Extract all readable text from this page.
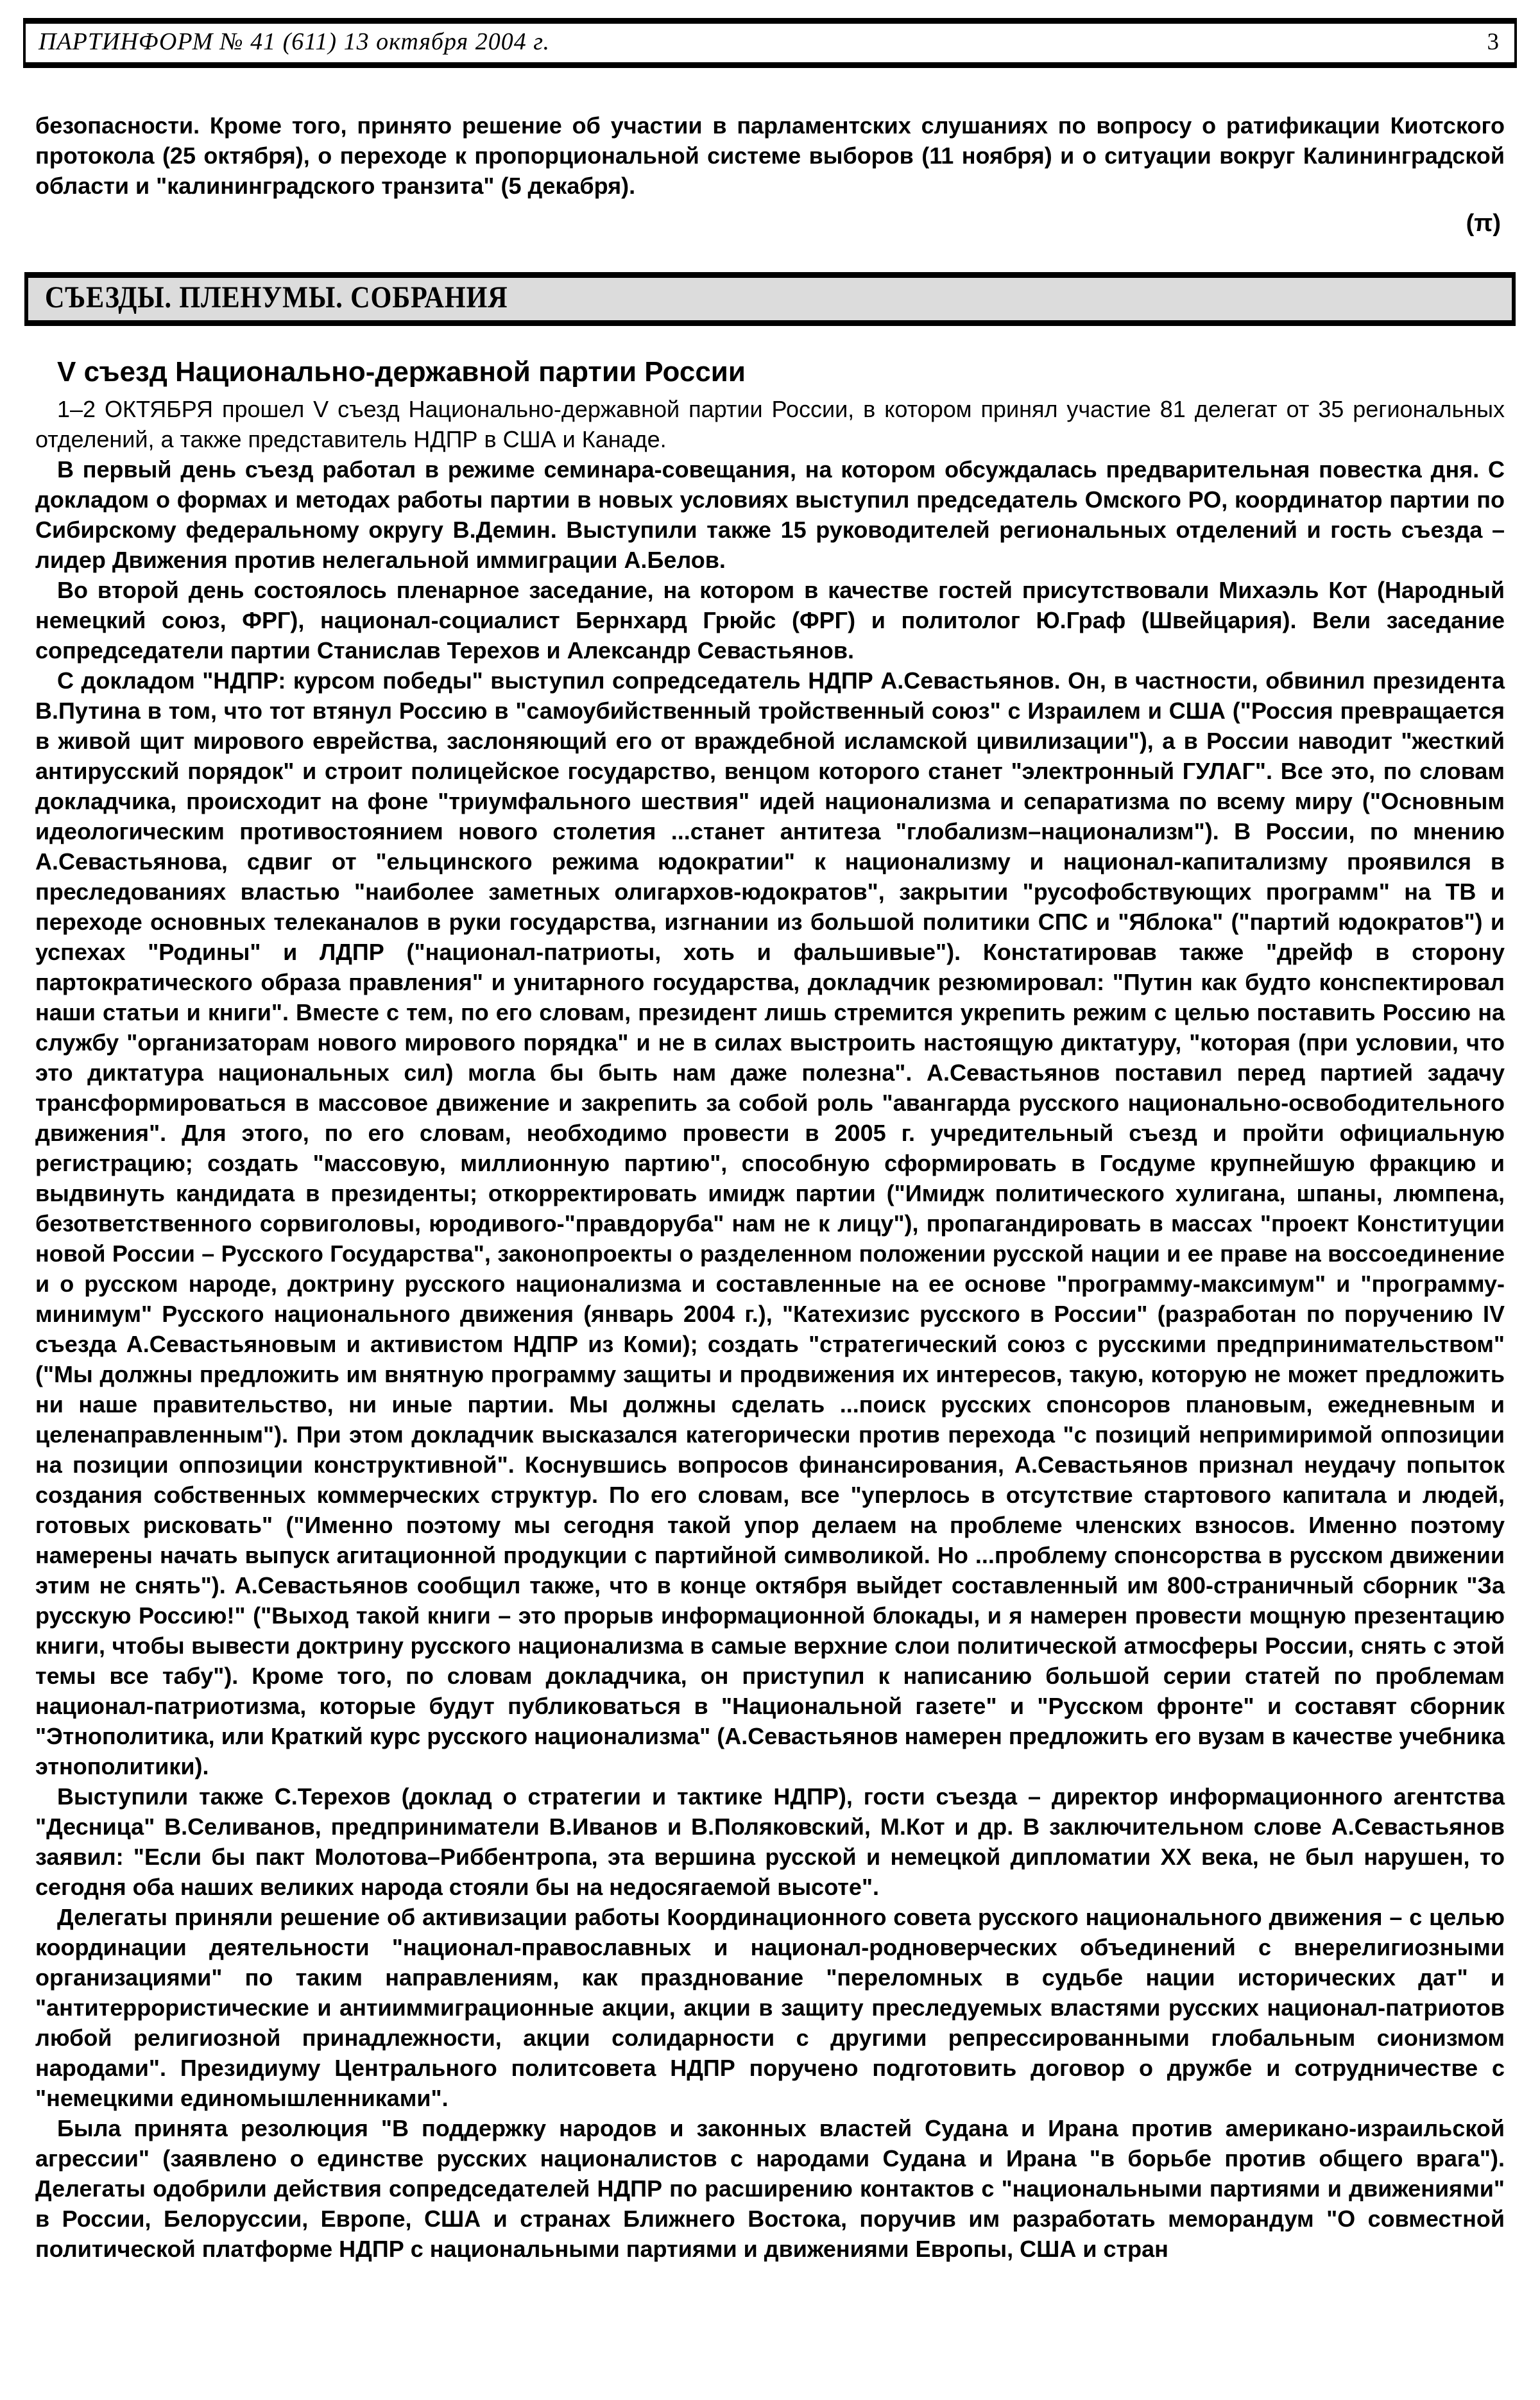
ПАРТИНФОРМ № 41 (611) 13 октября 2004 г.	3

безопасности. Кроме того, принято решение об участии в парламентских слушаниях по вопросу о ратификации Киотского протокола (25 октября), о переходе к пропорциональной системе выборов (11 ноября) и о ситуации вокруг Калининградской области и "калининградского транзита" (5 декабря).

(π)
СЪЕЗДЫ. ПЛЕНУМЫ. СОБРАНИЯ
V съезд Национально-державной партии России

1–2 ОКТЯБРЯ прошел V съезд Национально-державной партии России, в котором принял участие 81 делегат от 35 региональных отделений, а также представитель НДПР в США и Канаде.

В первый день съезд работал в режиме семинара-совещания, на котором обсуждалась предварительная повестка дня. С докладом о формах и методах работы партии в новых условиях выступил председатель Омского РО, координатор партии по Сибирскому федеральному округу В.Демин. Выступили также 15 руководителей региональных отделений и гость съезда – лидер Движения против нелегальной иммиграции А.Белов.

Во второй день состоялось пленарное заседание, на котором в качестве гостей присутствовали Михаэль Кот (Народный немецкий союз, ФРГ), национал-социалист Бернхард Грюйс (ФРГ) и политолог Ю.Граф (Швейцария). Вели заседание сопредседатели партии Станислав Терехов и Александр Севастьянов.

С докладом "НДПР: курсом победы" выступил сопредседатель НДПР А.Севастьянов. Он, в частности, обвинил президента В.Путина в том, что тот втянул Россию в "самоубийственный тройственный союз" с Израилем и США ("Россия превращается в живой щит мирового еврейства, заслоняющий его от враждебной исламской цивилизации"), а в России наводит "жесткий антирусский порядок" и строит полицейское государство, венцом которого станет "электронный ГУЛАГ". Все это, по словам докладчика, происходит на фоне "триумфального шествия" идей национализма и сепаратизма по всему миру ("Основным идеологическим противостоянием нового столетия ...станет антитеза "глобализм–национализм"). В России, по мнению А.Севастьянова, сдвиг от "ельцинского режима юдократии" к национализму и национал-капитализму проявился в преследованиях властью "наиболее заметных олигархов-юдократов", закрытии "русофобствующих программ" на ТВ и переходе основных телеканалов в руки государства, изгнании из большой политики СПС и "Яблока" ("партий юдократов") и успехах "Родины" и ЛДПР ("национал-патриоты, хоть и фальшивые"). Констатировав также "дрейф в сторону партократического образа правления" и унитарного государства, докладчик резюмировал: "Путин как будто конспектировал наши статьи и книги". Вместе с тем, по его словам, президент лишь стремится укрепить режим с целью поставить Россию на службу "организаторам нового мирового порядка" и не в силах выстроить настоящую диктатуру, "которая (при условии, что это диктатура национальных сил) могла бы быть нам даже полезна". А.Севастьянов поставил перед партией задачу трансформироваться в массовое движение и закрепить за собой роль "авангарда русского национально-освободительного движения". Для этого, по его словам, необходимо провести в 2005 г. учредительный съезд и пройти официальную регистрацию; создать "массовую, миллионную партию", способную сформировать в Госдуме крупнейшую фракцию и выдвинуть кандидата в президенты; откорректировать имидж партии ("Имидж политического хулигана, шпаны, люмпена, безответственного сорвиголовы, юродивого-"правдоруба" нам не к лицу"), пропагандировать в массах "проект Конституции новой России – Русского Государства", законопроекты о разделенном положении русской нации и ее праве на воссоединение и о русском народе, доктрину русского национализма и составленные на ее основе "программу-максимум" и "программу-минимум" Русского национального движения (январь 2004 г.), "Катехизис русского в России" (разработан по поручению IV съезда А.Севастьяновым и активистом НДПР из Коми); создать "стратегический союз с русскими предпринимательством" ("Мы должны предложить им внятную программу защиты и продвижения их интересов, такую, которую не может предложить ни наше правительство, ни иные партии. Мы должны сделать ...поиск русских спонсоров плановым, ежедневным и целенаправленным"). При этом докладчик высказался категорически против перехода "с позиций непримиримой оппозиции на позиции оппозиции конструктивной". Коснувшись вопросов финансирования, А.Севастьянов признал неудачу попыток создания собственных коммерческих структур. По его словам, все "уперлось в отсутствие стартового капитала и людей, готовых рисковать" ("Именно поэтому мы сегодня такой упор делаем на проблеме членских взносов. Именно поэтому намерены начать выпуск агитационной продукции с партийной символикой. Но ...проблему спонсорства в русском движении этим не снять"). А.Севастьянов сообщил также, что в конце октября выйдет составленный им 800-страничный сборник "За русскую Россию!" ("Выход такой книги – это прорыв информационной блокады, и я намерен провести мощную презентацию книги, чтобы вывести доктрину русского национализма в самые верхние слои политической атмосферы России, снять с этой темы все табу"). Кроме того, по словам докладчика, он приступил к написанию большой серии статей по проблемам национал-патриотизма, которые будут публиковаться в "Национальной газете" и "Русском фронте" и составят сборник "Этнополитика, или Краткий курс русского национализма" (А.Севастьянов намерен предложить его вузам в качестве учебника этнополитики).

Выступили также С.Терехов (доклад о стратегии и тактике НДПР), гости съезда – директор информационного агентства "Десница" В.Селиванов, предприниматели В.Иванов и В.Поляковский, М.Кот и др. В заключительном слове А.Севастьянов заявил: "Если бы пакт Молотова–Риббентропа, эта вершина русской и немецкой дипломатии XX века, не был нарушен, то сегодня оба наших великих народа стояли бы на недосягаемой высоте".

Делегаты приняли решение об активизации работы Координационного совета русского национального движения – с целью координации деятельности "национал-православных и национал-родноверческих объединений с внерелигиозными организациями" по таким направлениям, как празднование "переломных в судьбе нации исторических дат" и "антитеррористические и антииммиграционные акции, акции в защиту преследуемых властями русских национал-патриотов любой религиозной принадлежности, акции солидарности с другими репрессированными глобальным сионизмом народами". Президиуму Центрального политсовета НДПР поручено подготовить договор о дружбе и сотрудничестве с "немецкими единомышленниками".

Была принята резолюция "В поддержку народов и законных властей Судана и Ирана против американо-израильской агрессии" (заявлено о единстве русских националистов с народами Судана и Ирана "в борьбе против общего врага"). Делегаты одобрили действия сопредседателей НДПР по расширению контактов с "национальными партиями и движениями" в России, Белоруссии, Европе, США и странах Ближнего Востока, поручив им разработать меморандум "О совместной политической платформе НДПР с национальными партиями и движениями Европы, США и стран
